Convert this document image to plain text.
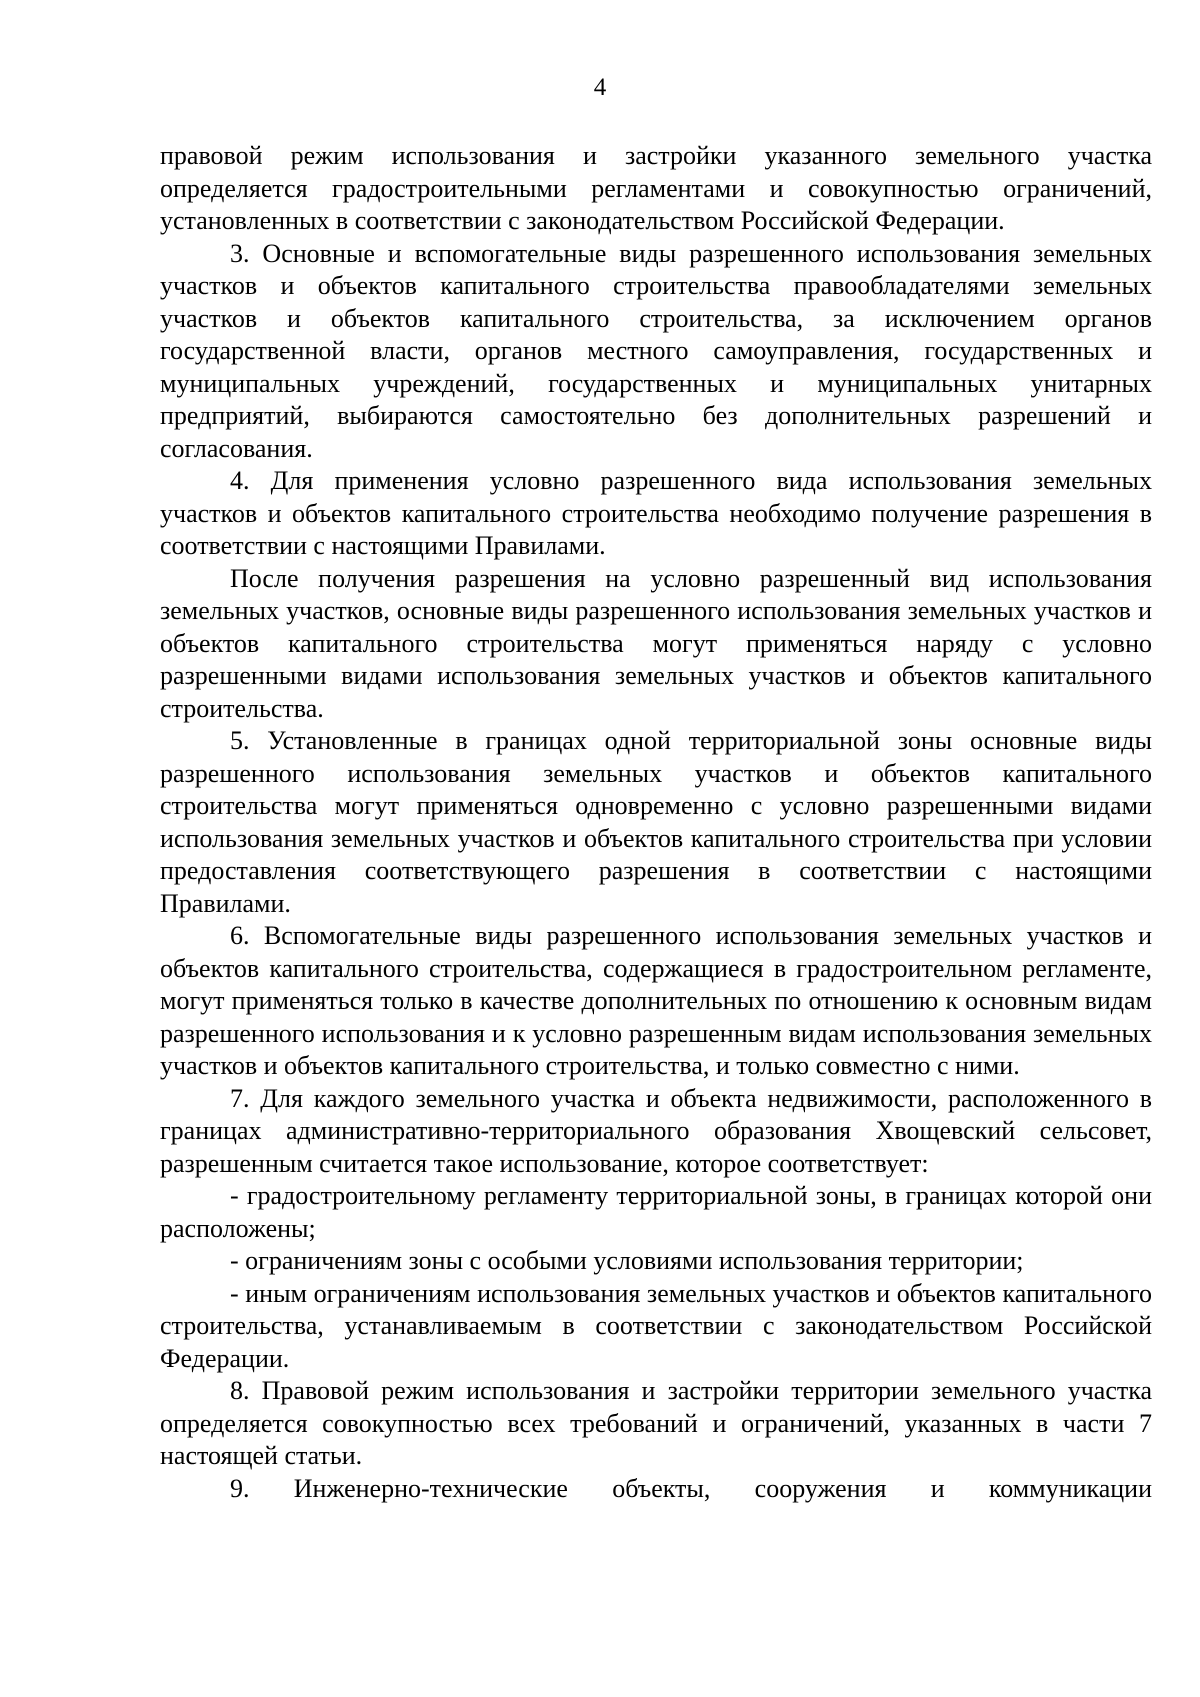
4

правовой режим использования и застройки указанного земельного участка определяется градостроительными регламентами и совокупностью ограничений, установленных в соответствии с законодательством Российской Федерации.

3. Основные и вспомогательные виды разрешенного использования земельных участков и объектов капитального строительства правообладателями земельных участков и объектов капитального строительства, за исключением органов государственной власти, органов местного самоуправления, государственных и муниципальных учреждений, государственных и муниципальных унитарных предприятий, выбираются самостоятельно без дополнительных разрешений и согласования.

4. Для применения условно разрешенного вида использования земельных участков и объектов капитального строительства необходимо получение разрешения в соответствии с настоящими Правилами.

После получения разрешения на условно разрешенный вид использования земельных участков, основные виды разрешенного использования земельных участков и объектов капитального строительства могут применяться наряду с условно разрешенными видами использования земельных участков и объектов капитального строительства.

5. Установленные в границах одной территориальной зоны основные виды разрешенного использования земельных участков и объектов капитального строительства могут применяться одновременно с условно разрешенными видами использования земельных участков и объектов капитального строительства при условии предоставления соответствующего разрешения в соответствии с настоящими Правилами.

6. Вспомогательные виды разрешенного использования земельных участков и объектов капитального строительства, содержащиеся в градостроительном регламенте, могут применяться только в качестве дополнительных по отношению к основным видам разрешенного использования и к условно разрешенным видам использования земельных участков и объектов капитального строительства, и только совместно с ними.

7. Для каждого земельного участка и объекта недвижимости, расположенного в границах административно-территориального образования Хвощевский сельсовет, разрешенным считается такое использование, которое соответствует:

- градостроительному регламенту территориальной зоны, в границах которой они расположены;

- ограничениям зоны с особыми условиями использования территории;

- иным ограничениям использования земельных участков и объектов капитального строительства, устанавливаемым в соответствии с законодательством Российской Федерации.

8. Правовой режим использования и застройки территории земельного участка определяется совокупностью всех требований и ограничений, указанных в части 7 настоящей статьи.

9. Инженерно-технические объекты, сооружения и коммуникации
